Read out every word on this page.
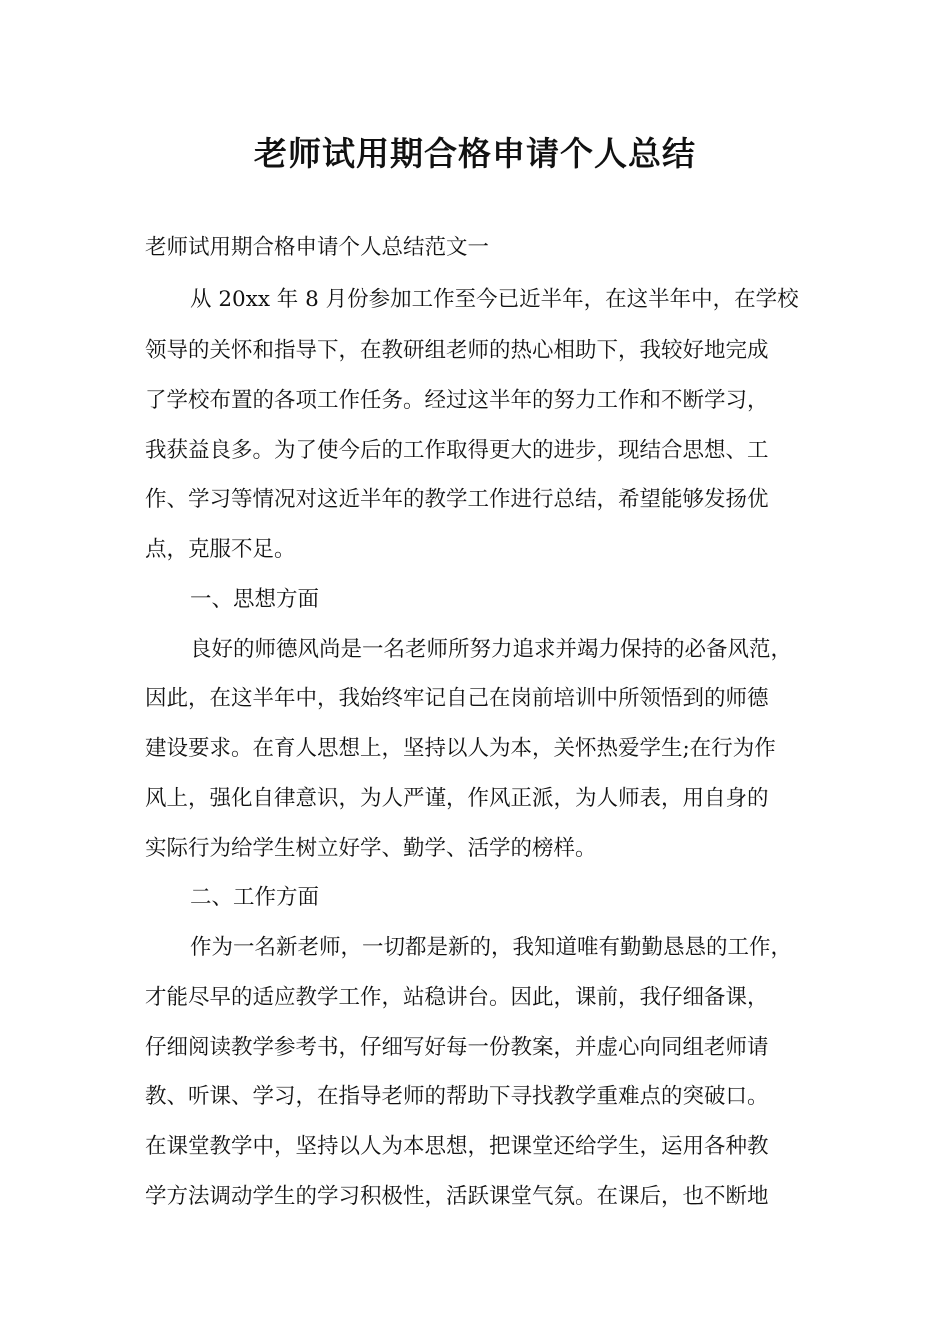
老师试用期合格申请个人总结

老师试用期合格申请个人总结范文一

从 20xx 年 8 月份参加工作至今已近半年，在这半年中，在学校

领导的关怀和指导下，在教研组老师的热心相助下，我较好地完成

了学校布置的各项工作任务。经过这半年的努力工作和不断学习，

我获益良多。为了使今后的工作取得更大的进步，现结合思想、工

作、学习等情况对这近半年的教学工作进行总结，希望能够发扬优

点，克服不足。

一、思想方面

良好的师德风尚是一名老师所努力追求并竭力保持的必备风范，

因此，在这半年中，我始终牢记自己在岗前培训中所领悟到的师德

建设要求。在育人思想上，坚持以人为本，关怀热爱学生;在行为作

风上，强化自律意识，为人严谨，作风正派，为人师表，用自身的

实际行为给学生树立好学、勤学、活学的榜样。

二、工作方面

作为一名新老师，一切都是新的，我知道唯有勤勤恳恳的工作，

才能尽早的适应教学工作，站稳讲台。因此，课前，我仔细备课，

仔细阅读教学参考书，仔细写好每一份教案，并虚心向同组老师请

教、听课、学习，在指导老师的帮助下寻找教学重难点的突破口。

在课堂教学中，坚持以人为本思想，把课堂还给学生，运用各种教

学方法调动学生的学习积极性，活跃课堂气氛。在课后，也不断地
